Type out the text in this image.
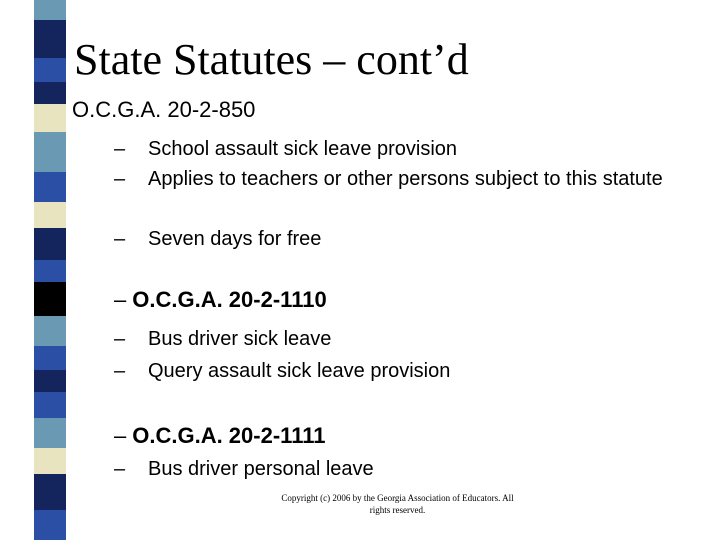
State Statutes – cont’d
O.C.G.A. 20-2-850
– School assault sick leave provision
– Applies to teachers or other persons subject to this statute
– Seven days for free
– O.C.G.A. 20-2-1110
– Bus driver sick leave
– Query assault sick leave provision
– O.C.G.A. 20-2-1111
– Bus driver personal leave
Copyright (c) 2006 by the Georgia Association of Educators. All rights reserved.
